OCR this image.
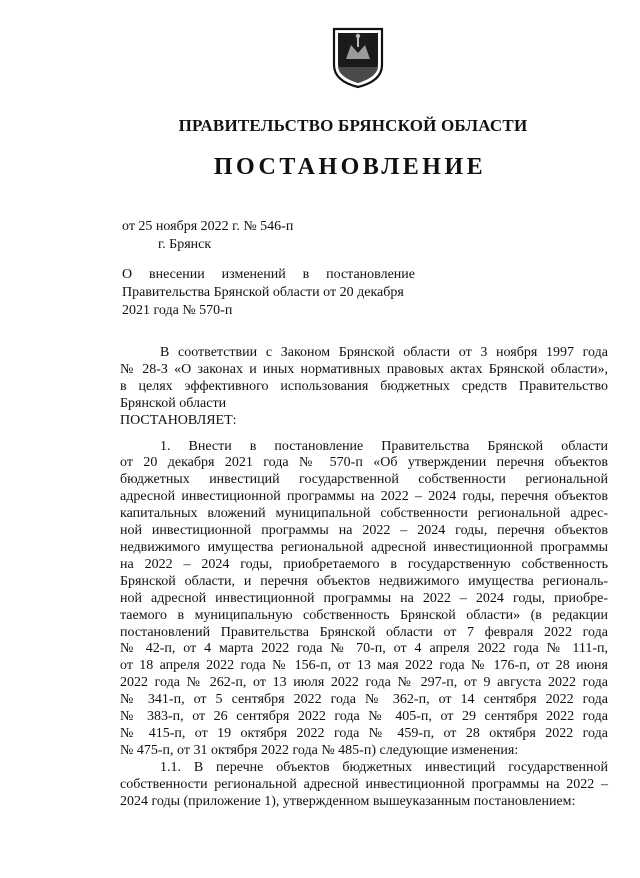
ПРАВИТЕЛЬСТВО БРЯНСКОЙ ОБЛАСТИ
ПОСТАНОВЛЕНИЕ
от 25 ноября 2022 г. № 546-п
г. Брянск
О внесении изменений в постановление
Правительства Брянской области от 20 декабря
2021 года № 570-п
В соответствии с Законом Брянской области от 3 ноября 1997 года
№ 28-З «О законах и иных нормативных правовых актах Брянской области»,
в целях эффективного использования бюджетных средств Правительство
Брянской области
ПОСТАНОВЛЯЕТ:
1. Внести в постановление Правительства Брянской области
от 20 декабря 2021 года № 570-п «Об утверждении перечня объектов
бюджетных инвестиций государственной собственности региональной
адресной инвестиционной программы на 2022 – 2024 годы, перечня объектов
капитальных вложений муниципальной собственности региональной адрес-
ной инвестиционной программы на 2022 – 2024 годы, перечня объектов
недвижимого имущества региональной адресной инвестиционной программы
на 2022 – 2024 годы, приобретаемого в государственную собственность
Брянской области, и перечня объектов недвижимого имущества региональ-
ной адресной инвестиционной программы на 2022 – 2024 годы, приобре-
таемого в муниципальную собственность Брянской области» (в редакции
постановлений Правительства Брянской области от 7 февраля 2022 года
№ 42-п, от 4 марта 2022 года № 70-п, от 4 апреля 2022 года № 111-п,
от 18 апреля 2022 года № 156-п, от 13 мая 2022 года № 176-п, от 28 июня
2022 года № 262-п, от 13 июля 2022 года № 297-п, от 9 августа 2022 года
№ 341-п, от 5 сентября 2022 года № 362-п, от 14 сентября 2022 года
№ 383-п, от 26 сентября 2022 года № 405-п, от 29 сентября 2022 года
№ 415-п, от 19 октября 2022 года № 459-п, от 28 октября 2022 года
№ 475-п, от 31 октября 2022 года № 485-п) следующие изменения:
1.1. В перечне объектов бюджетных инвестиций государственной
собственности региональной адресной инвестиционной программы на 2022 –
2024 годы (приложение 1), утвержденном вышеуказанным постановлением:
